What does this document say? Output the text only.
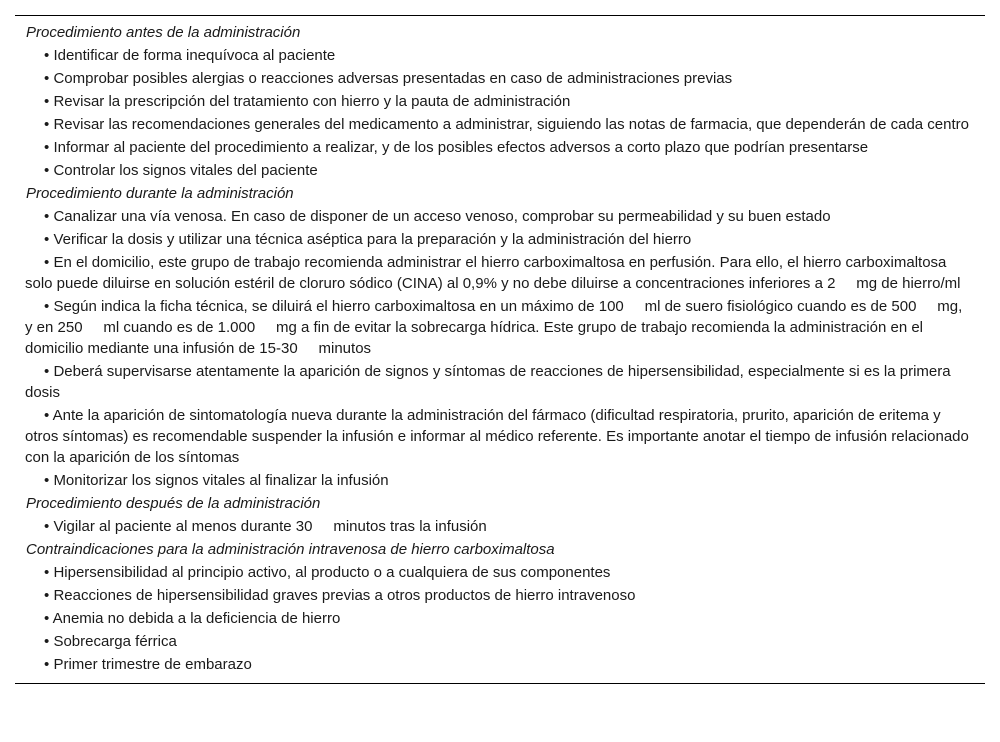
Procedimiento antes de la administración
• Identificar de forma inequívoca al paciente
• Comprobar posibles alergias o reacciones adversas presentadas en caso de administraciones previas
• Revisar la prescripción del tratamiento con hierro y la pauta de administración
• Revisar las recomendaciones generales del medicamento a administrar, siguiendo las notas de farmacia, que dependerán de cada centro
• Informar al paciente del procedimiento a realizar, y de los posibles efectos adversos a corto plazo que podrían presentarse
• Controlar los signos vitales del paciente
Procedimiento durante la administración
• Canalizar una vía venosa. En caso de disponer de un acceso venoso, comprobar su permeabilidad y su buen estado
• Verificar la dosis y utilizar una técnica aséptica para la preparación y la administración del hierro
• En el domicilio, este grupo de trabajo recomienda administrar el hierro carboximaltosa en perfusión. Para ello, el hierro carboximaltosa solo puede diluirse en solución estéril de cloruro sódico (CINA) al 0,9% y no debe diluirse a concentraciones inferiores a 2     mg de hierro/ml
• Según indica la ficha técnica, se diluirá el hierro carboximaltosa en un máximo de 100     ml de suero fisiológico cuando es de 500     mg, y en 250     ml cuando es de 1.000     mg a fin de evitar la sobrecarga hídrica. Este grupo de trabajo recomienda la administración en el domicilio mediante una infusión de 15-30     minutos
• Deberá supervisarse atentamente la aparición de signos y síntomas de reacciones de hipersensibilidad, especialmente si es la primera dosis
• Ante la aparición de sintomatología nueva durante la administración del fármaco (dificultad respiratoria, prurito, aparición de eritema y otros síntomas) es recomendable suspender la infusión e informar al médico referente. Es importante anotar el tiempo de infusión relacionado con la aparición de los síntomas
• Monitorizar los signos vitales al finalizar la infusión
Procedimiento después de la administración
• Vigilar al paciente al menos durante 30     minutos tras la infusión
Contraindicaciones para la administración intravenosa de hierro carboximaltosa
• Hipersensibilidad al principio activo, al producto o a cualquiera de sus componentes
• Reacciones de hipersensibilidad graves previas a otros productos de hierro intravenoso
• Anemia no debida a la deficiencia de hierro
• Sobrecarga férrica
• Primer trimestre de embarazo
